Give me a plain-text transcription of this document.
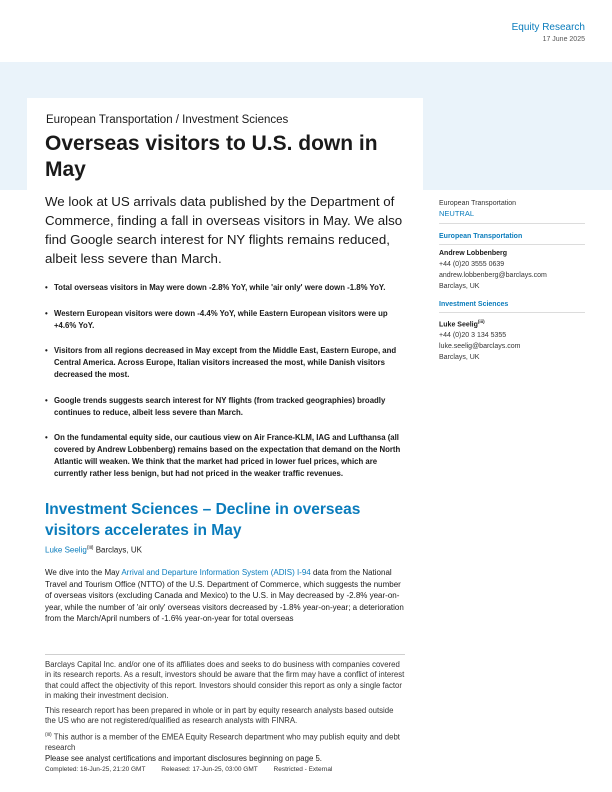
Equity Research
17 June 2025
European Transportation / Investment Sciences
Overseas visitors to U.S. down in May

We look at US arrivals data published by the Department of Commerce, finding a fall in overseas visitors in May. We also find Google search interest for NY flights remains reduced, albeit less severe than March.

• Total overseas visitors in May were down -2.8% YoY, while 'air only' were down -1.8% YoY.
• Western European visitors were down -4.4% YoY, while Eastern European visitors were up +4.6% YoY.
• Visitors from all regions decreased in May except from the Middle East, Eastern Europe, and Central America. Across Europe, Italian visitors increased the most, while Danish visitors decreased the most.
• Google trends suggests search interest for NY flights (from tracked geographies) broadly continues to reduce, albeit less severe than March.
• On the fundamental equity side, our cautious view on Air France-KLM, IAG and Lufthansa (all covered by Andrew Lobbenberg) remains based on the expectation that demand on the North Atlantic will weaken. We think that the market had priced in lower fuel prices, which are currently rather less benign, but had not priced in the weaker traffic revenues.
Investment Sciences – Decline in overseas visitors accelerates in May
Luke Seelig$^{(iii)}$ Barclays, UK

We dive into the May Arrival and Departure Information System (ADIS) I-94 data from the National Travel and Tourism Office (NTTO) of the U.S. Department of Commerce, which suggests the number of overseas visitors (excluding Canada and Mexico) to the U.S. in May decreased by -2.8% year-on-year, while the number of 'air only' overseas visitors decreased by -1.8% year-on-year; a deterioration from the March/April numbers of -1.6% year-on-year for total overseas

European Transportation
NEUTRAL
European Transportation
Andrew Lobbenberg
+44 (0)20 3555 0639
andrew.lobbenberg@barclays.com
Barclays, UK
Investment Sciences
Luke Seelig$^{(iii)}$
+44 (0)20 3 134 5355
luke.seelig@barclays.com
Barclays, UK

Barclays Capital Inc. and/or one of its affiliates does and seeks to do business with companies covered in its research reports. As a result, investors should be aware that the firm may have a conflict of interest that could affect the objectivity of this report. Investors should consider this report as only a single factor in making their investment decision.

This research report has been prepared in whole or in part by equity research analysts based outside the US who are not registered/qualified as research analysts with FINRA.

$^{(iii)}$ This author is a member of the EMEA Equity Research department who may publish equity and debt research

Please see analyst certifications and important disclosures beginning on page 5.
Completed: 16-Jun-25, 21:20 GMT Released: 17-Jun-25, 03:00 GMT Restricted - External
